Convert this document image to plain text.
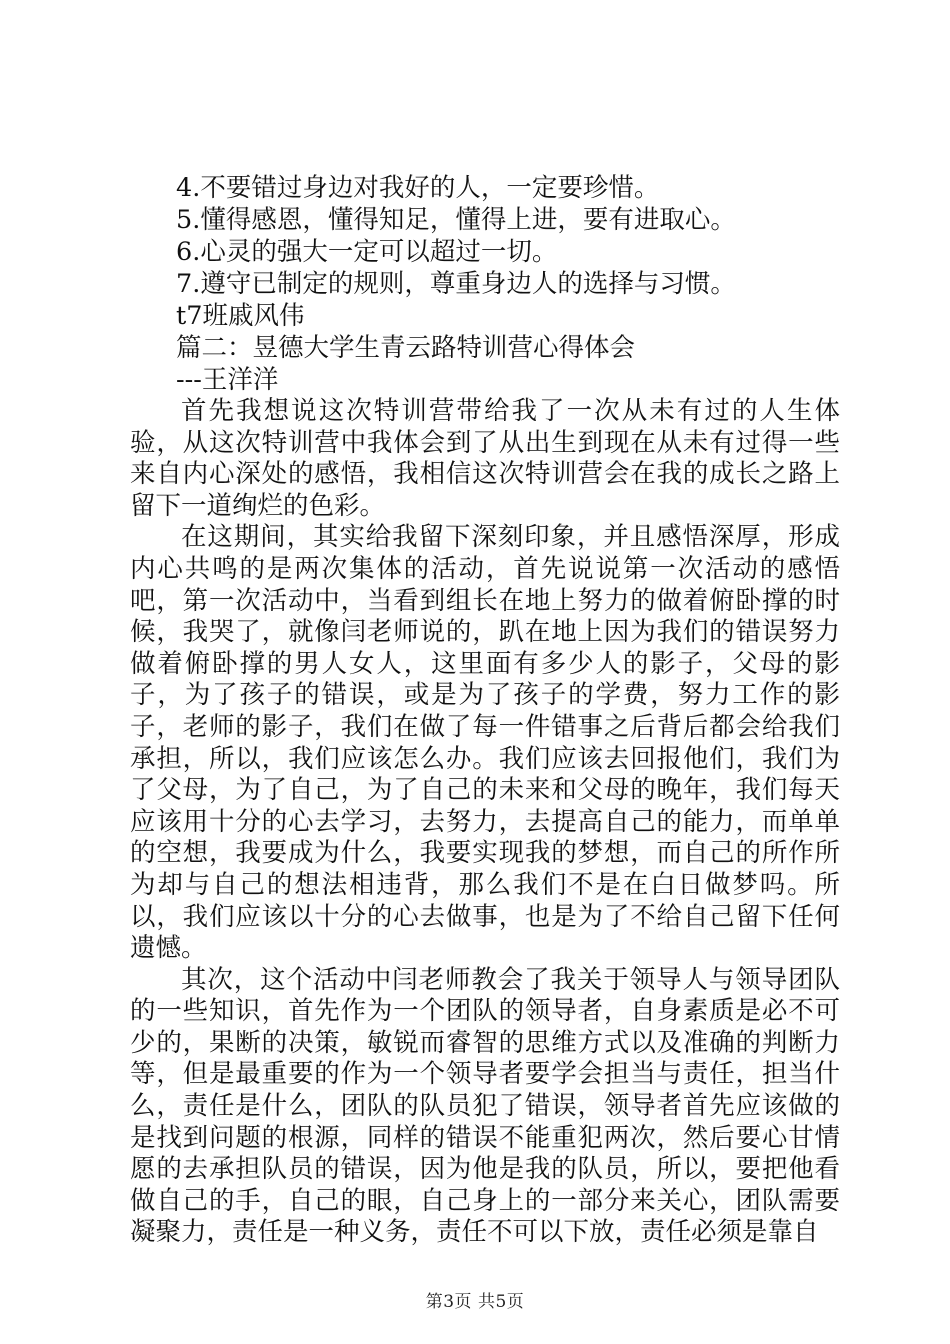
4.不要错过身边对我好的人，一定要珍惜。

5.懂得感恩，懂得知足，懂得上进，要有进取心。

6.心灵的强大一定可以超过一切。

7.遵守已制定的规则，尊重身边人的选择与习惯。

t7班戚风伟

篇二：昱德大学生青云路特训营心得体会

---王洋洋

首先我想说这次特训营带给我了一次从未有过的人生体验，从这次特训营中我体会到了从出生到现在从未有过得一些来自内心深处的感悟，我相信这次特训营会在我的成长之路上留下一道绚烂的色彩。

在这期间，其实给我留下深刻印象，并且感悟深厚，形成内心共鸣的是两次集体的活动，首先说说第一次活动的感悟吧，第一次活动中，当看到组长在地上努力的做着俯卧撑的时候，我哭了，就像闫老师说的，趴在地上因为我们的错误努力做着俯卧撑的男人女人，这里面有多少人的影子，父母的影子，为了孩子的错误，或是为了孩子的学费，努力工作的影子，老师的影子，我们在做了每一件错事之后背后都会给我们承担，所以，我们应该怎么办。我们应该去回报他们，我们为了父母，为了自己，为了自己的未来和父母的晚年，我们每天应该用十分的心去学习，去努力，去提高自己的能力，而单单的空想，我要成为什么，我要实现我的梦想，而自己的所作所为却与自己的想法相违背，那么我们不是在白日做梦吗。所以，我们应该以十分的心去做事，也是为了不给自己留下任何遗憾。

其次，这个活动中闫老师教会了我关于领导人与领导团队的一些知识，首先作为一个团队的领导者，自身素质是必不可少的，果断的决策，敏锐而睿智的思维方式以及准确的判断力等，但是最重要的作为一个领导者要学会担当与责任，担当什么，责任是什么，团队的队员犯了错误，领导者首先应该做的是找到问题的根源，同样的错误不能重犯两次，然后要心甘情愿的去承担队员的错误，因为他是我的队员，所以，要把他看做自己的手，自己的眼，自己身上的一部分来关心，团队需要凝聚力，责任是一种义务，责任不可以下放，责任必须是靠自

第3页 共5页
